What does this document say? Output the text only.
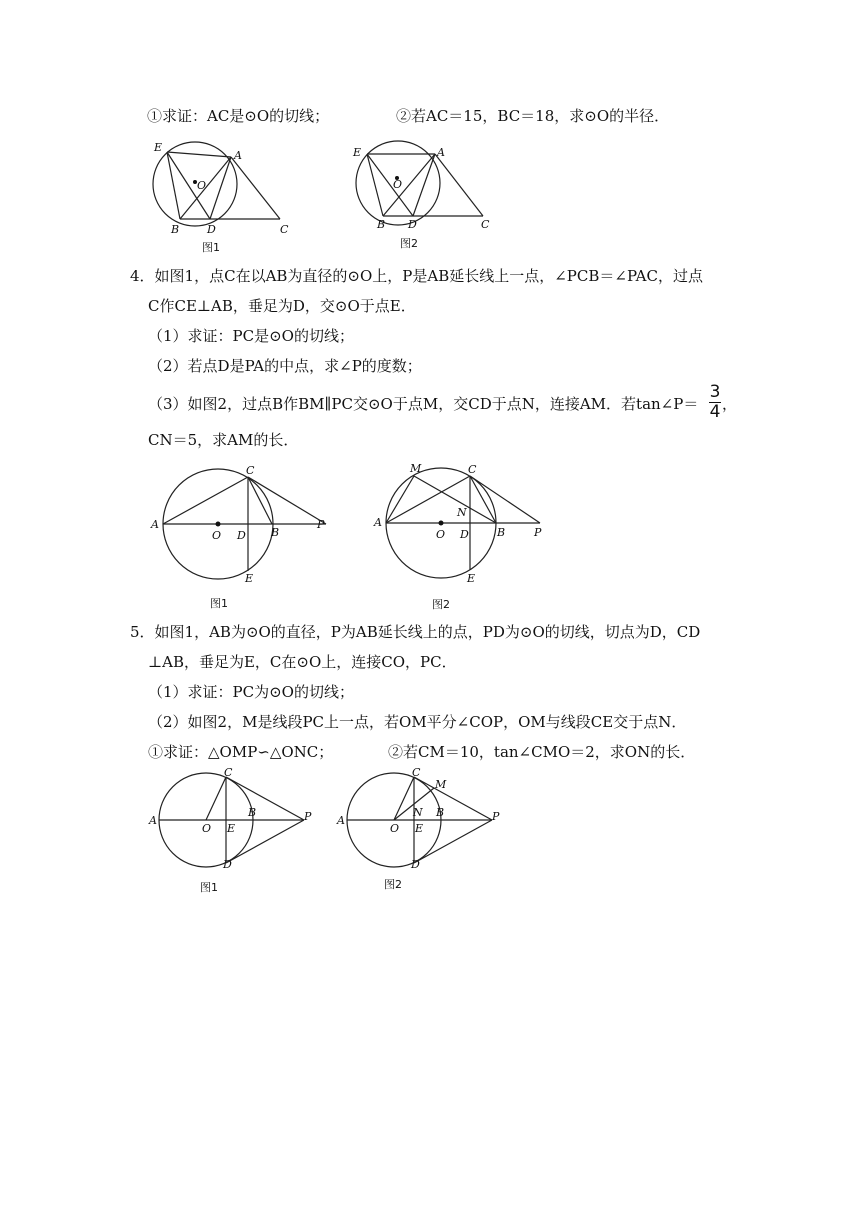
①求证：AC是⊙O的切线；	②若AC＝15，BC＝18，求⊙O的半径．
E
A
O
B	D	C
图1
E	A
O
B D	C
图2
4．如图1，点C在以AB为直径的⊙O上，P是AB延长线上一点，∠PCB＝∠PAC，过点
C作CE⊥AB，垂足为D，交⊙O于点E．
（1）求证：PC是⊙O的切线；
（2）若点D是PA的中点，求∠P的度数；
（3）如图2，过点B作BM∥PC交⊙O于点M，交CD于点N，连接AM．若tan∠P＝
3
4 ，
CN＝5，求AM的长．
A
C
O D B
P
E
图1
M	C
N
A
O D	B	P
E
图2
5．如图1，AB为⊙O的直径，P为AB延长线上的点，PD为⊙O的切线，切点为D，CD
⊥AB，垂足为E，C在⊙O上，连接CO，PC．
（1）求证：PC为⊙O的切线；
（2）如图2，M是线段PC上一点，若OM平分∠COP，OM与线段CE交于点N．
①求证：△OMP∽△ONC；	②若CM＝10，tan∠CMO＝2，求ON的长．
A
C
O E
B	P
D
图1
A
C
M
N
O E
B	P
D
图2
